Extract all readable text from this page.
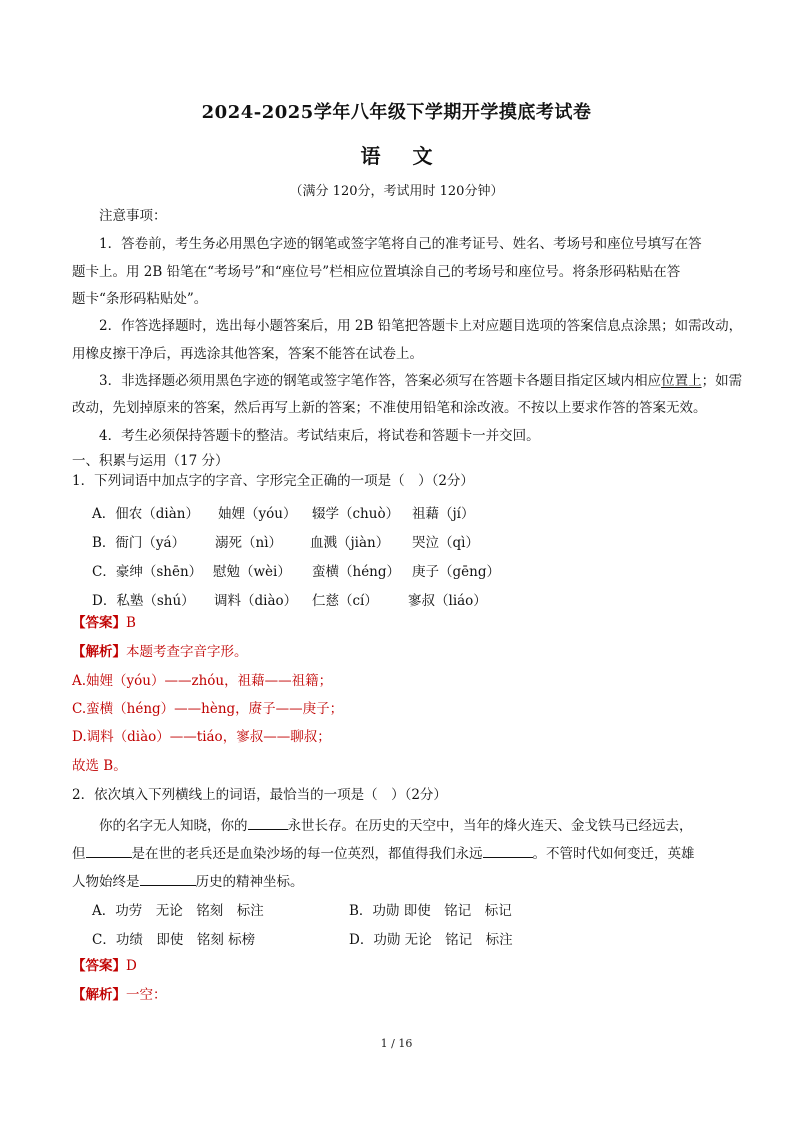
2024-2025学年八年级下学期开学摸底考试卷
语 文
（满分 120分，考试用时 120分钟）
注意事项：
1．答卷前，考生务必用黑色字迹的钢笔或签字笔将自己的准考证号、姓名、考场号和座位号填写在答
题卡上。用 2B 铅笔在“考场号”和“座位号”栏相应位置填涂自己的考场号和座位号。将条形码粘贴在答
题卡“条形码粘贴处”。
2．作答选择题时，选出每小题答案后，用 2B 铅笔把答题卡上对应题目选项的答案信息点涂黑；如需改动，
用橡皮擦干净后，再选涂其他答案，答案不能答在试卷上。
3．非选择题必须用黑色字迹的钢笔或签字笔作答，答案必须写在答题卡各题目指定区域内相应位置上；如需
改动，先划掉原来的答案，然后再写上新的答案；不准使用铅笔和涂改液。不按以上要求作答的答案无效。
4．考生必须保持答题卡的整洁。考试结束后，将试卷和答题卡一并交回。
一、积累与运用（17 分）
1．下列词语中加点字的字音、字形完全正确的一项是（　）（2分）
A．佃农（diàn） 妯娌（yóu） 辍学（chuò） 祖藉（jí）
B．衙门（yá） 溺死（nì） 血溅（jiàn） 哭泣（qì）
C．豪绅（shēn） 慰勉（wèi） 蛮横（héng） 庚子（gēng）
D．私塾（shú） 调料（diào） 仁慈（cí） 寥叔（liáo）
【答案】B
【解析】本题考查字音字形。
A.妯娌（yóu）——zhóu，祖藉——祖籍；
C.蛮横（héng）——hèng，赓子——庚子；
D.调料（diào）——tiáo，寥叔——聊叔；
故选 B。
2．依次填入下列横线上的词语，最恰当的一项是（　）（2分）
你的名字无人知晓，你的	永世长存。在历史的天空中，当年的烽火连天、金戈铁马已经远去，
但	是在世的老兵还是血染沙场的每一位英烈，都值得我们永远	。不管时代如何变迁，英雄
人物始终是	历史的精神坐标。
A．功劳　无论　铭刻　标注	B．功勋 即使　铭记　标记
C．功绩　即使　铭刻 标榜	D．功勋 无论　铭记　标注
【答案】D
【解析】一空：
1 / 16
